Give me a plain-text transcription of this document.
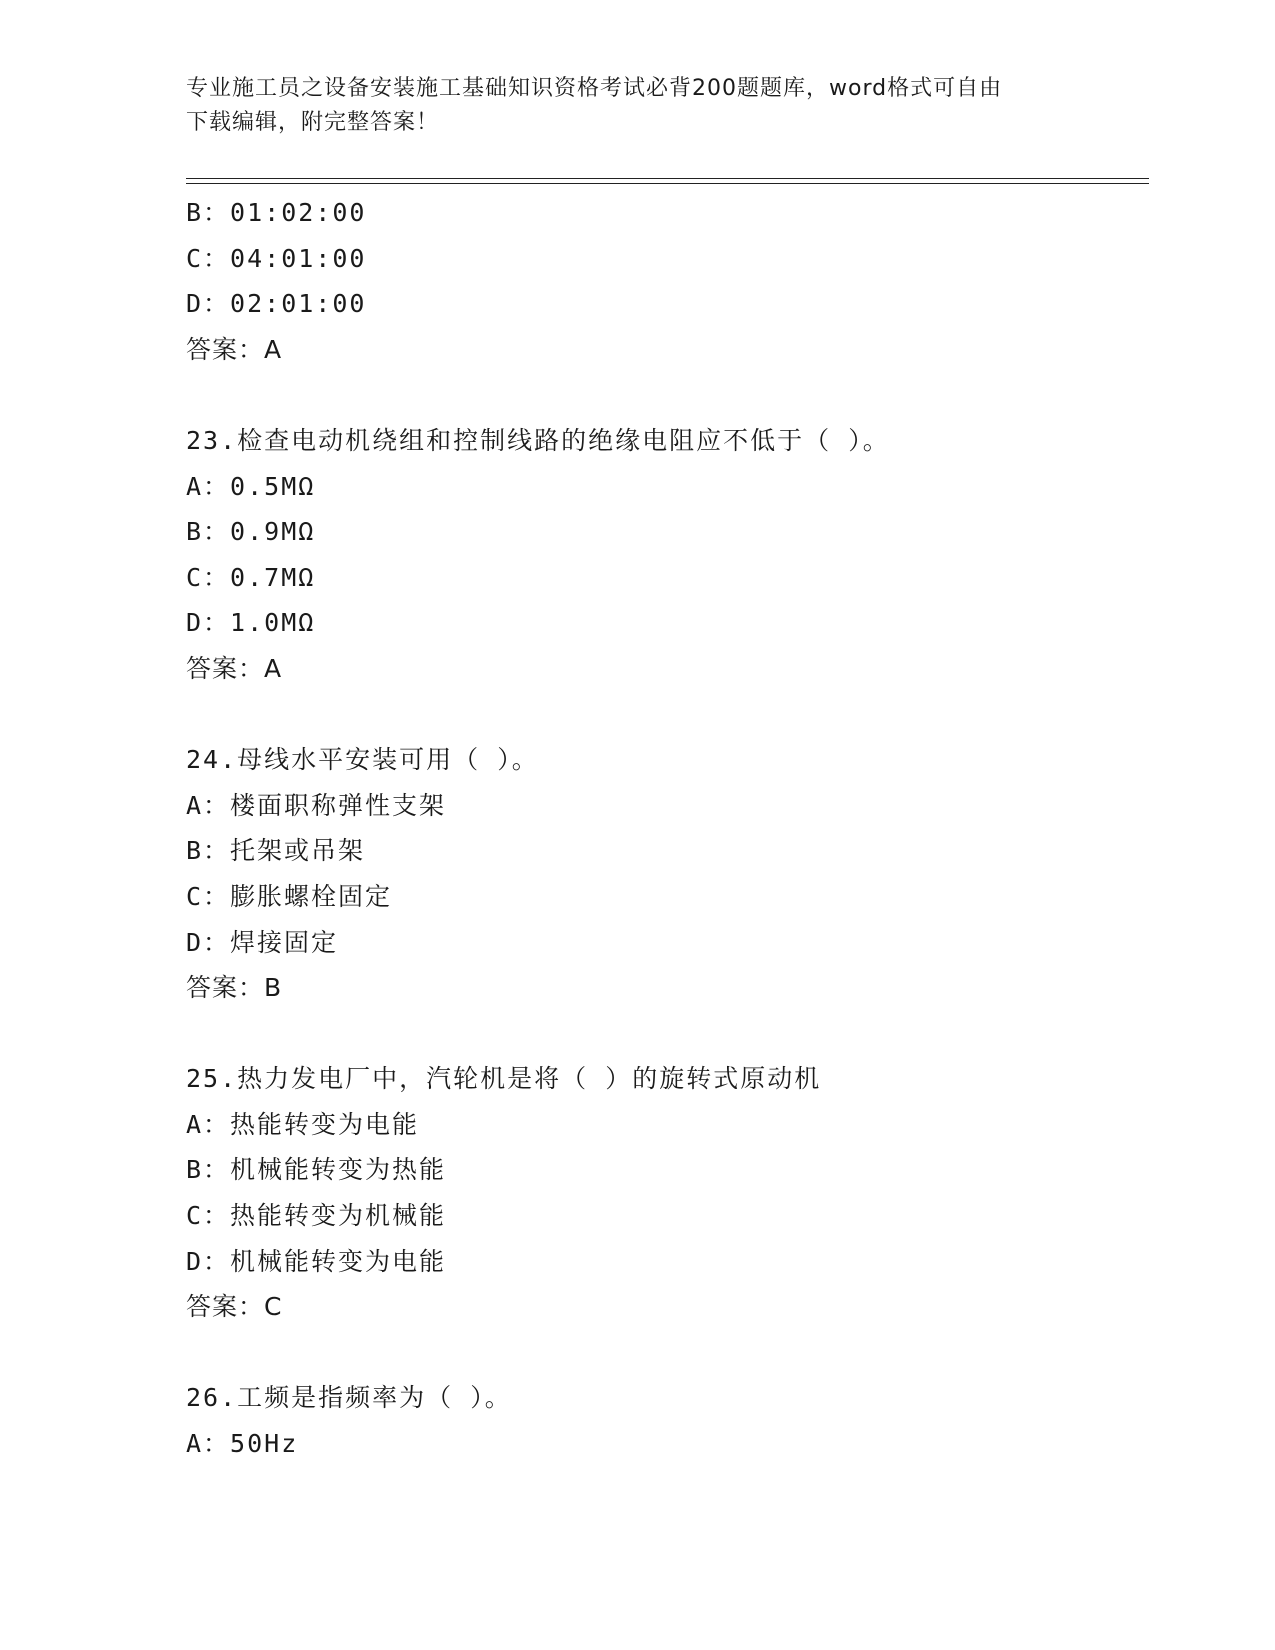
专业施工员之设备安装施工基础知识资格考试必背200题题库，word格式可自由
下载编辑，附完整答案！
B：01:02:00
C：04:01:00
D：02:01:00
答案：A
23.检查电动机绕组和控制线路的绝缘电阻应不低于（ ）。
A：0.5MΩ
B：0.9MΩ
C：0.7MΩ
D：1.0MΩ
答案：A
24.母线水平安装可用（ ）。
A：楼面职称弹性支架
B：托架或吊架
C：膨胀螺栓固定
D：焊接固定
答案：B
25.热力发电厂中，汽轮机是将（ ）的旋转式原动机
A：热能转变为电能
B：机械能转变为热能
C：热能转变为机械能
D：机械能转变为电能
答案：C
26.工频是指频率为（ ）。
A：50Hz
